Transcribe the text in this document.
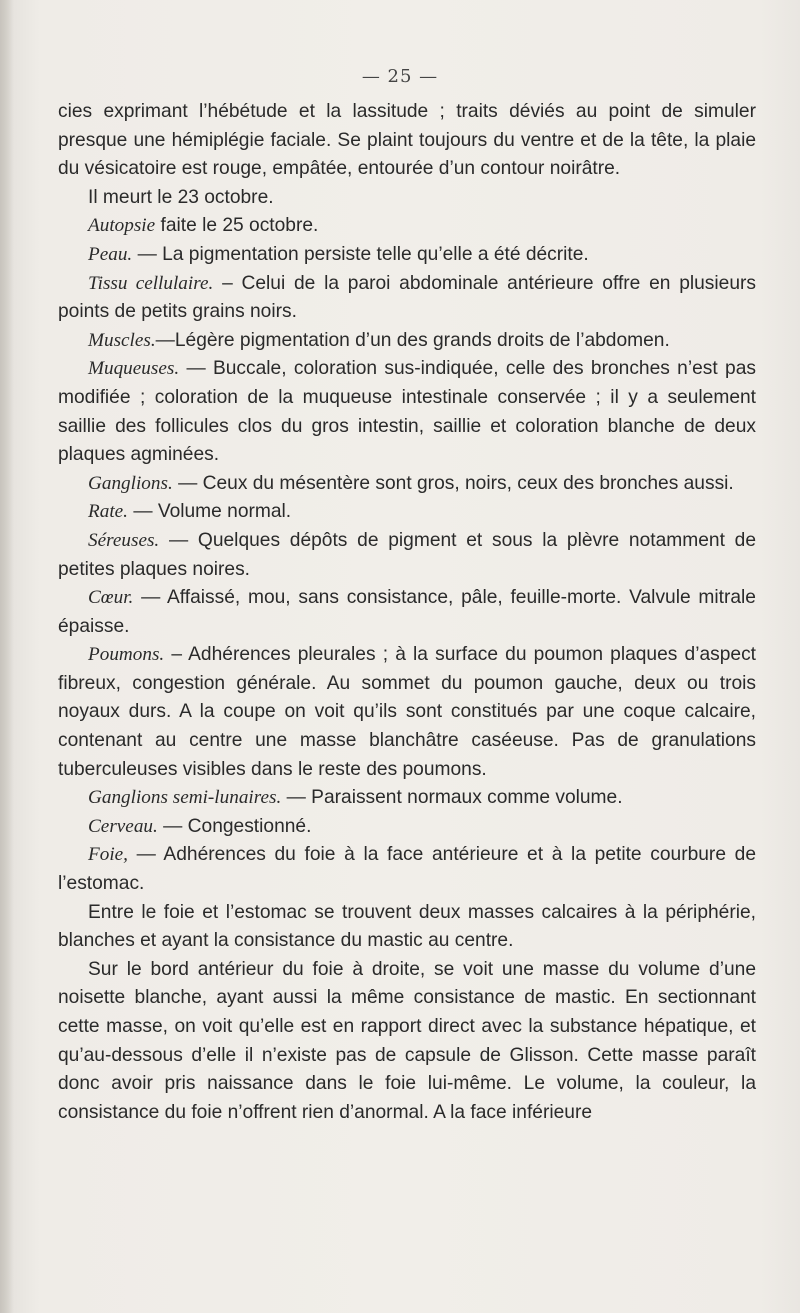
— 25 —

cies exprimant l’hébétude et la lassitude ; traits déviés au point de simuler presque une hémiplégie faciale. Se plaint toujours du ventre et de la tête, la plaie du vésicatoire est rouge, empâtée, entourée d’un contour noirâtre.

Il meurt le 23 octobre.

Autopsie faite le 25 octobre.

Peau. — La pigmentation persiste telle qu’elle a été décrite.

Tissu cellulaire. – Celui de la paroi abdominale antérieure offre en plusieurs points de petits grains noirs.

Muscles.—Légère pigmentation d’un des grands droits de l’abdomen.

Muqueuses. — Buccale, coloration sus-indiquée, celle des bronches n’est pas modifiée ; coloration de la muqueuse intestinale conservée ; il y a seulement saillie des follicules clos du gros intestin, saillie et coloration blanche de deux plaques agminées.

Ganglions. — Ceux du mésentère sont gros, noirs, ceux des bronches aussi.

Rate. — Volume normal.

Séreuses. — Quelques dépôts de pigment et sous la plèvre notamment de petites plaques noires.

Cœur. — Affaissé, mou, sans consistance, pâle, feuille-morte. Valvule mitrale épaisse.

Poumons. – Adhérences pleurales ; à la surface du poumon plaques d’aspect fibreux, congestion générale. Au sommet du poumon gauche, deux ou trois noyaux durs. A la coupe on voit qu’ils sont constitués par une coque calcaire, contenant au centre une masse blanchâtre caséeuse. Pas de granulations tuberculeuses visibles dans le reste des poumons.

Ganglions semi-lunaires. — Paraissent normaux comme volume.

Cerveau. — Congestionné.

Foie, — Adhérences du foie à la face antérieure et à la petite courbure de l’estomac.

Entre le foie et l’estomac se trouvent deux masses calcaires à la périphérie, blanches et ayant la consistance du mastic au centre.

Sur le bord antérieur du foie à droite, se voit une masse du volume d’une noisette blanche, ayant aussi la même consistance de mastic. En sectionnant cette masse, on voit qu’elle est en rapport direct avec la substance hépatique, et qu’au-dessous d’elle il n’existe pas de capsule de Glisson. Cette masse paraît donc avoir pris naissance dans le foie lui-même. Le volume, la couleur, la consistance du foie n’offrent rien d’anormal. A la face inférieure
